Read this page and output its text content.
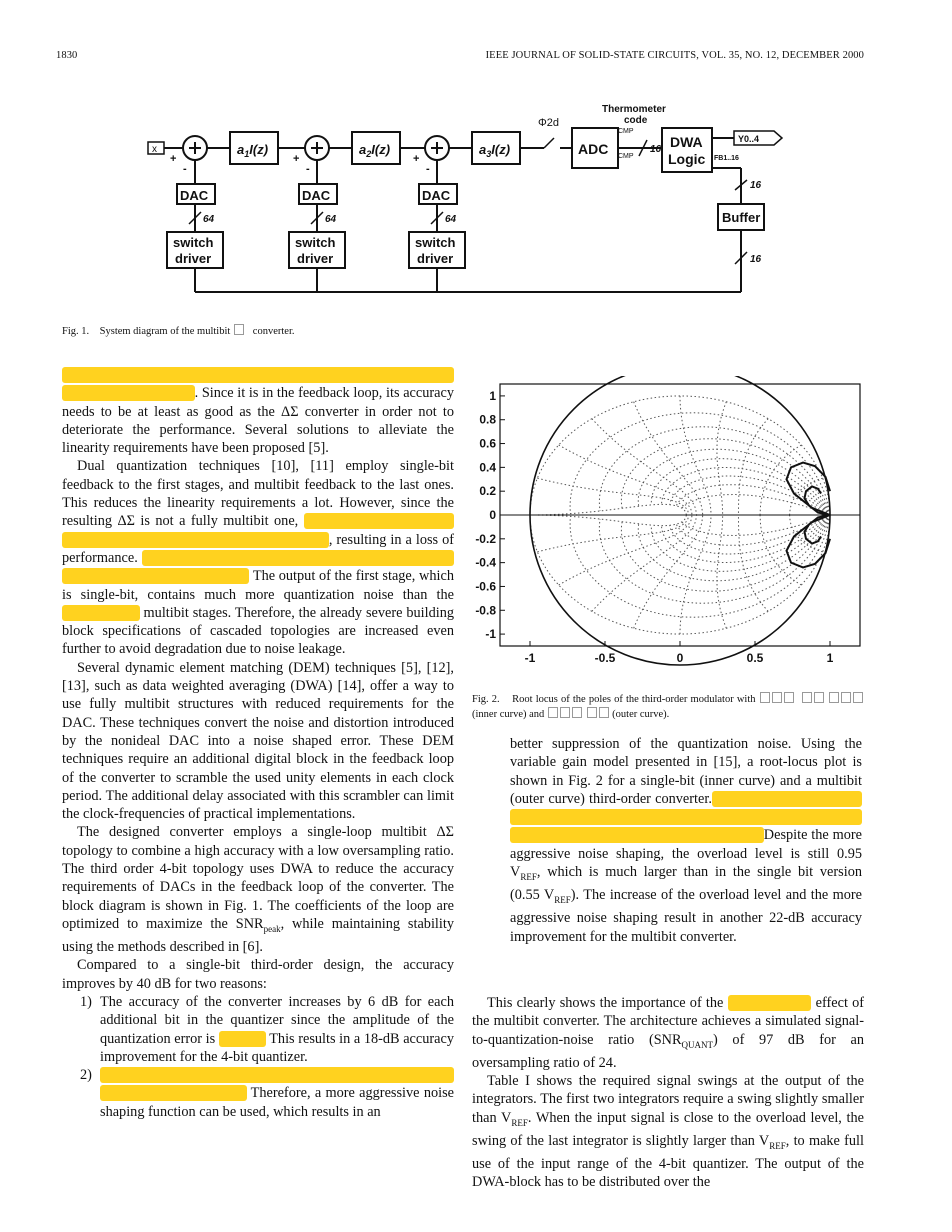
1830	IEEE JOURNAL OF SOLID-STATE CIRCUITS, VOL. 35, NO. 12, DECEMBER 2000
x
+
-
$a_1I(z)$
+
-
$a_2I(z)$
+
-
$a_3I(z)$
Φ2d
ADC
CMP
CMP
16
Thermometer
code
DWA
Logic
Y0..4
FB1..16
16
Buffer
16
DAC
64
switch
driver
DAC
64
switch
driver
DAC
64
switch
driver
Fig. 1. System diagram of the multibit converter.
-1	-0.5	0	0.5	1
1
0.8
0.6
0.4
0.2
0
-0.2
-0.4
-0.6
-0.8
-1
Fig. 2. Root locus of the poles of the third-order modulator with     (inner curve) and	(outer curve).

. Since it is in the feedback loop, its accuracy needs to be at least as good as the ΔΣ converter in order not to deteriorate the performance. Several solutions to alleviate the linearity requirements have been proposed [5].

Dual quantization techniques [10], [11] employ single-bit feedback to the first stages, and multibit feedback to the last ones. This reduces the linearity requirements a lot. However, since the resulting ΔΣ is not a fully multibit one,                                                                                                 , resulting in a loss of performance.                                                                                                                              The output of the first stage, which is single-bit, contains much more quantization noise than the                      multibit stages. Therefore, the already severe building block specifications of cascaded topologies are increased even further to avoid degradation due to noise leakage.

Several dynamic element matching (DEM) techniques [5], [12], [13], such as data weighted averaging (DWA) [14], offer a way to use fully multibit structures with reduced requirements for the DAC. These techniques convert the noise and distortion introduced by the nonideal DAC into a noise shaped error. These DEM techniques require an additional digital block in the feedback loop of the converter to scramble the used unity elements in each clock period. The additional delay associated with this scrambler can limit the clock-frequencies of practical implementations.

The designed converter employs a single-loop multibit ΔΣ topology to combine a high accuracy with a low oversampling ratio. The third order 4-bit topology uses DWA to reduce the accuracy requirements of DACs in the feedback loop of the converter. The block diagram is shown in Fig. 1. The coefficients of the loop are optimized to maximize the $SNR_{peak}$, while maintaining stability using the methods described in [6].

Compared to a single-bit third-order design, the accuracy improves by 40 dB for two reasons:

1) The accuracy of the converter increases by 6 dB for each additional bit in the quantizer since the amplitude of the quantization error is	This results in a 18-dB accuracy improvement for the 4-bit quantizer.

2)
Therefore, a more aggressive noise shaping function can be used, which results in an

better suppression of the quantization noise. Using the variable gain model presented in [15], a root-locus plot is shown in Fig. 2 for a single-bit (inner curve) and a multibit (outer curve) third-order converter.                                                                                                                                                                                          Despite the more aggressive noise shaping, the overload level is still 0.95 $V_{REF}$, which is much larger than in the single bit version (0.55 $V_{REF}$). The increase of the overload level and the more aggressive noise shaping result in another 22-dB accuracy improvement for the multibit converter.

This clearly shows the importance of the	effect of the multibit converter. The architecture achieves a simulated signal-to-quantization-noise ratio $(SNR_{QUANT})$ of 97 dB for an oversampling ratio of 24.

Table I shows the required signal swings at the output of the integrators. The first two integrators require a swing slightly smaller than $V_{REF}$. When the input signal is close to the overload level, the swing of the last integrator is slightly larger than $V_{REF}$, to make full use of the input range of the 4-bit quantizer. The output of the DWA-block has to be distributed over the
